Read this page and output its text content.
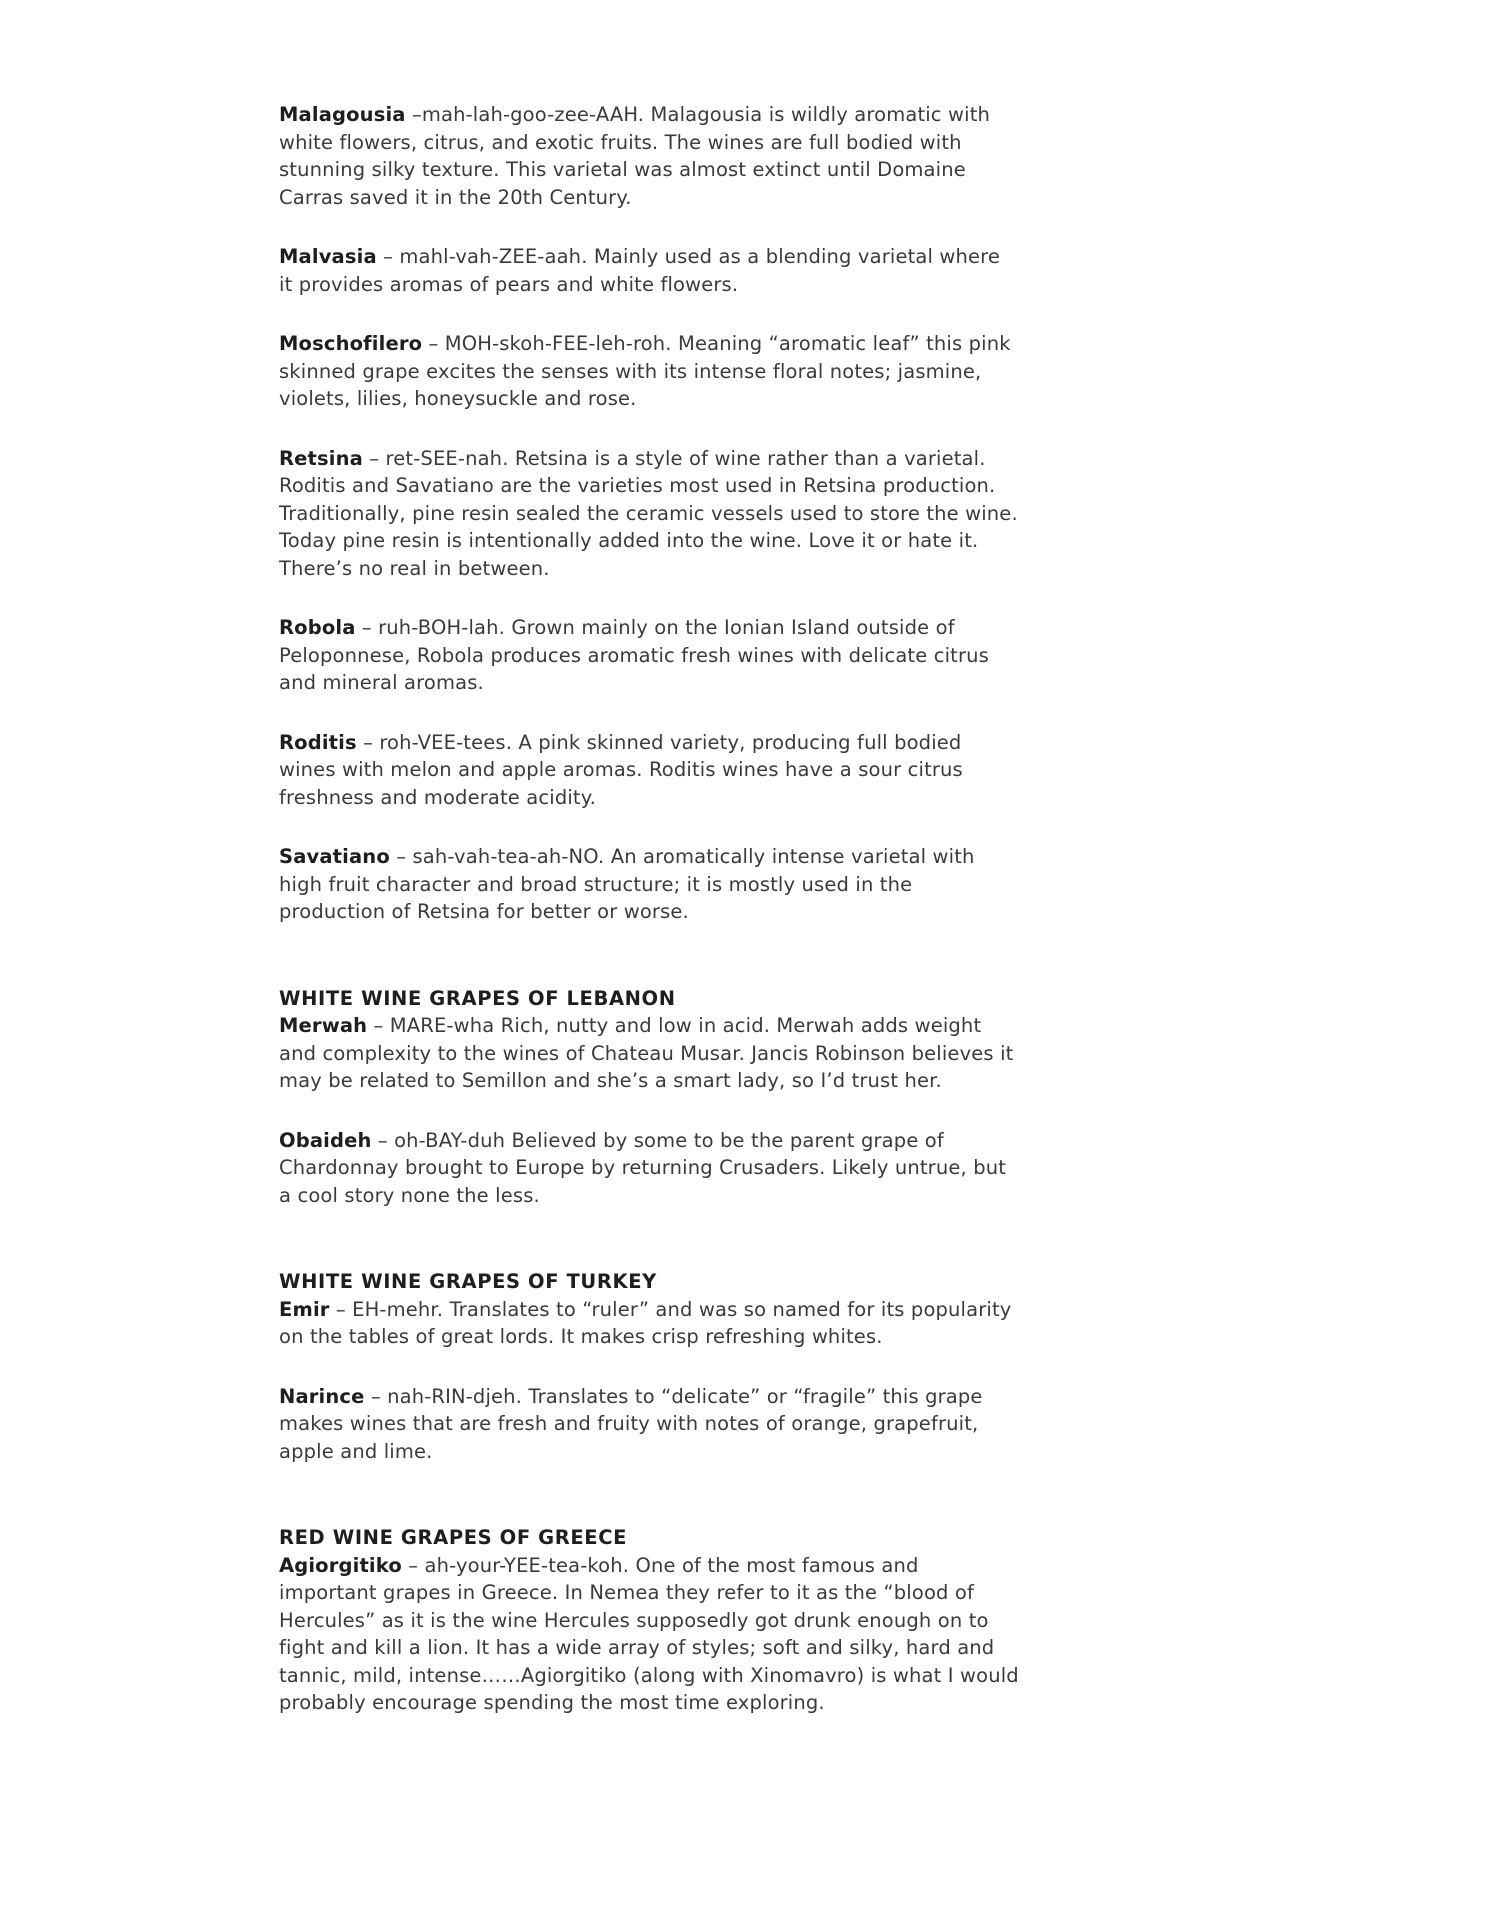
Malagousia –mah-lah-goo-zee-AAH. Malagousia is wildly aromatic with white flowers, citrus, and exotic fruits. The wines are full bodied with stunning silky texture. This varietal was almost extinct until Domaine Carras saved it in the 20th Century.

Malvasia – mahl-vah-ZEE-aah. Mainly used as a blending varietal where it provides aromas of pears and white flowers.

Moschofilero – MOH-skoh-FEE-leh-roh. Meaning “aromatic leaf” this pink skinned grape excites the senses with its intense floral notes; jasmine, violets, lilies, honeysuckle and rose.

Retsina – ret-SEE-nah. Retsina is a style of wine rather than a varietal. Roditis and Savatiano are the varieties most used in Retsina production. Traditionally, pine resin sealed the ceramic vessels used to store the wine. Today pine resin is intentionally added into the wine. Love it or hate it. There’s no real in between.

Robola – ruh-BOH-lah. Grown mainly on the Ionian Island outside of Peloponnese, Robola produces aromatic fresh wines with delicate citrus and mineral aromas.

Roditis – roh-VEE-tees. A pink skinned variety, producing full bodied wines with melon and apple aromas. Roditis wines have a sour citrus freshness and moderate acidity.

Savatiano – sah-vah-tea-ah-NO. An aromatically intense varietal with high fruit character and broad structure; it is mostly used in the production of Retsina for better or worse.

WHITE WINE GRAPES OF LEBANON

Merwah – MARE-wha Rich, nutty and low in acid. Merwah adds weight and complexity to the wines of Chateau Musar. Jancis Robinson believes it may be related to Semillon and she’s a smart lady, so I’d trust her.

Obaideh – oh-BAY-duh Believed by some to be the parent grape of Chardonnay brought to Europe by returning Crusaders. Likely untrue, but a cool story none the less.

WHITE WINE GRAPES OF TURKEY

Emir – EH-mehr. Translates to “ruler” and was so named for its popularity on the tables of great lords. It makes crisp refreshing whites.

Narince – nah-RIN-djeh. Translates to “delicate” or “fragile” this grape makes wines that are fresh and fruity with notes of orange, grapefruit, apple and lime.

RED WINE GRAPES OF GREECE

Agiorgitiko – ah-your-YEE-tea-koh. One of the most famous and important grapes in Greece. In Nemea they refer to it as the “blood of Hercules” as it is the wine Hercules supposedly got drunk enough on to fight and kill a lion. It has a wide array of styles; soft and silky, hard and tannic, mild, intense……Agiorgitiko (along with Xinomavro) is what I would probably encourage spending the most time exploring.
